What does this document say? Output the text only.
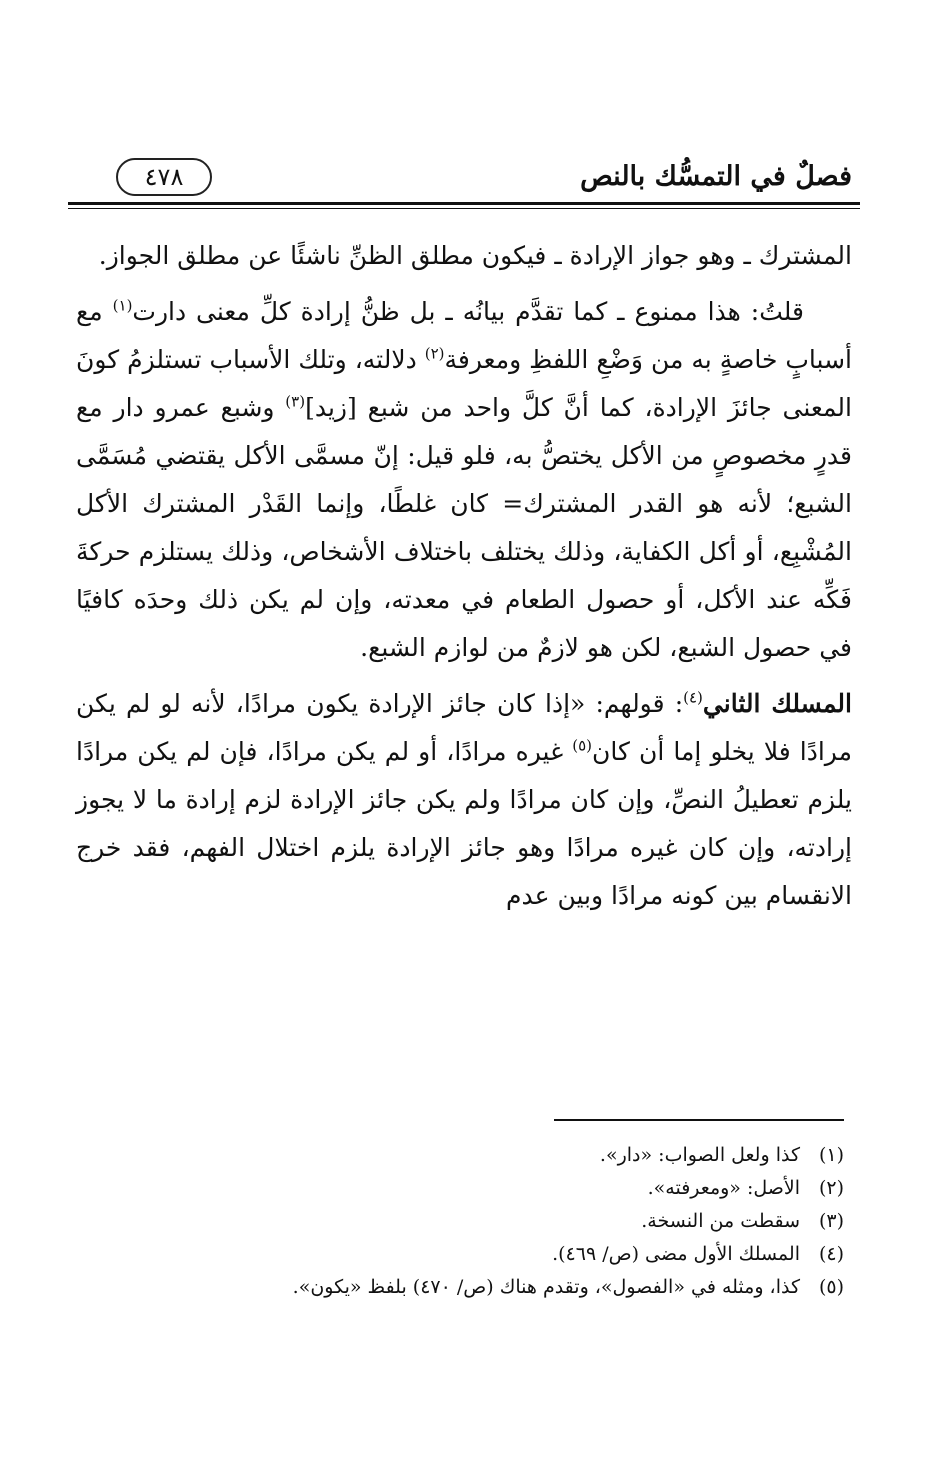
فصلٌ في التمسُّك بالنص
٤٧٨

المشترك ـ وهو جواز الإرادة ـ فيكون مطلق الظنِّ ناشئًا عن مطلق الجواز.

قلتُ: هذا ممنوع ـ كما تقدَّم بيانُه ـ بل ظنُّ إرادة كلِّ معنى دارت$^{(١)}$ مع أسبابٍ خاصةٍ به من وَضْعِ اللفظِ ومعرفة$^{(٢)}$ دلالته، وتلك الأسباب تستلزمُ كونَ المعنى جائزَ الإرادة، كما أنَّ كلَّ واحد من شبع [زيد]$^{(٣)}$ وشبع عمرو دار مع قدرٍ مخصوصٍ من الأكل يختصُّ به، فلو قيل: إنّ مسمَّى الأكل يقتضي مُسَمَّى الشبع؛ لأنه هو القدر المشترك= كان غلطًا، وإنما القَدْر المشترك الأكل المُشْبِع، أو أكل الكفاية، وذلك يختلف باختلاف الأشخاص، وذلك يستلزم حركةَ فَكِّه عند الأكل، أو حصول الطعام في معدته، وإن لم يكن ذلك وحدَه كافيًا في حصول الشبع، لكن هو لازمٌ من لوازم الشبع.

المسلك الثاني$^{(٤)}$: قولهم: «إذا كان جائز الإرادة يكون مرادًا، لأنه لو لم يكن مرادًا فلا يخلو إما أن كان$^{(٥)}$ غيره مرادًا، أو لم يكن مرادًا، فإن لم يكن مرادًا يلزم تعطيلُ النصِّ، وإن كان مرادًا ولم يكن جائز الإرادة لزم إرادة ما لا يجوز إرادته، وإن كان غيره مرادًا وهو جائز الإرادة يلزم اختلال الفهم، فقد خرج الانقسام بين كونه مرادًا وبين عدم

(١)
كذا ولعل الصواب: «دار».
(٢)
الأصل: «ومعرفته».
(٣)
سقطت من النسخة.
(٤)
المسلك الأول مضى (ص/ ٤٦٩).
(٥)
كذا، ومثله في «الفصول»، وتقدم هناك (ص/ ٤٧٠) بلفظ «يكون».
